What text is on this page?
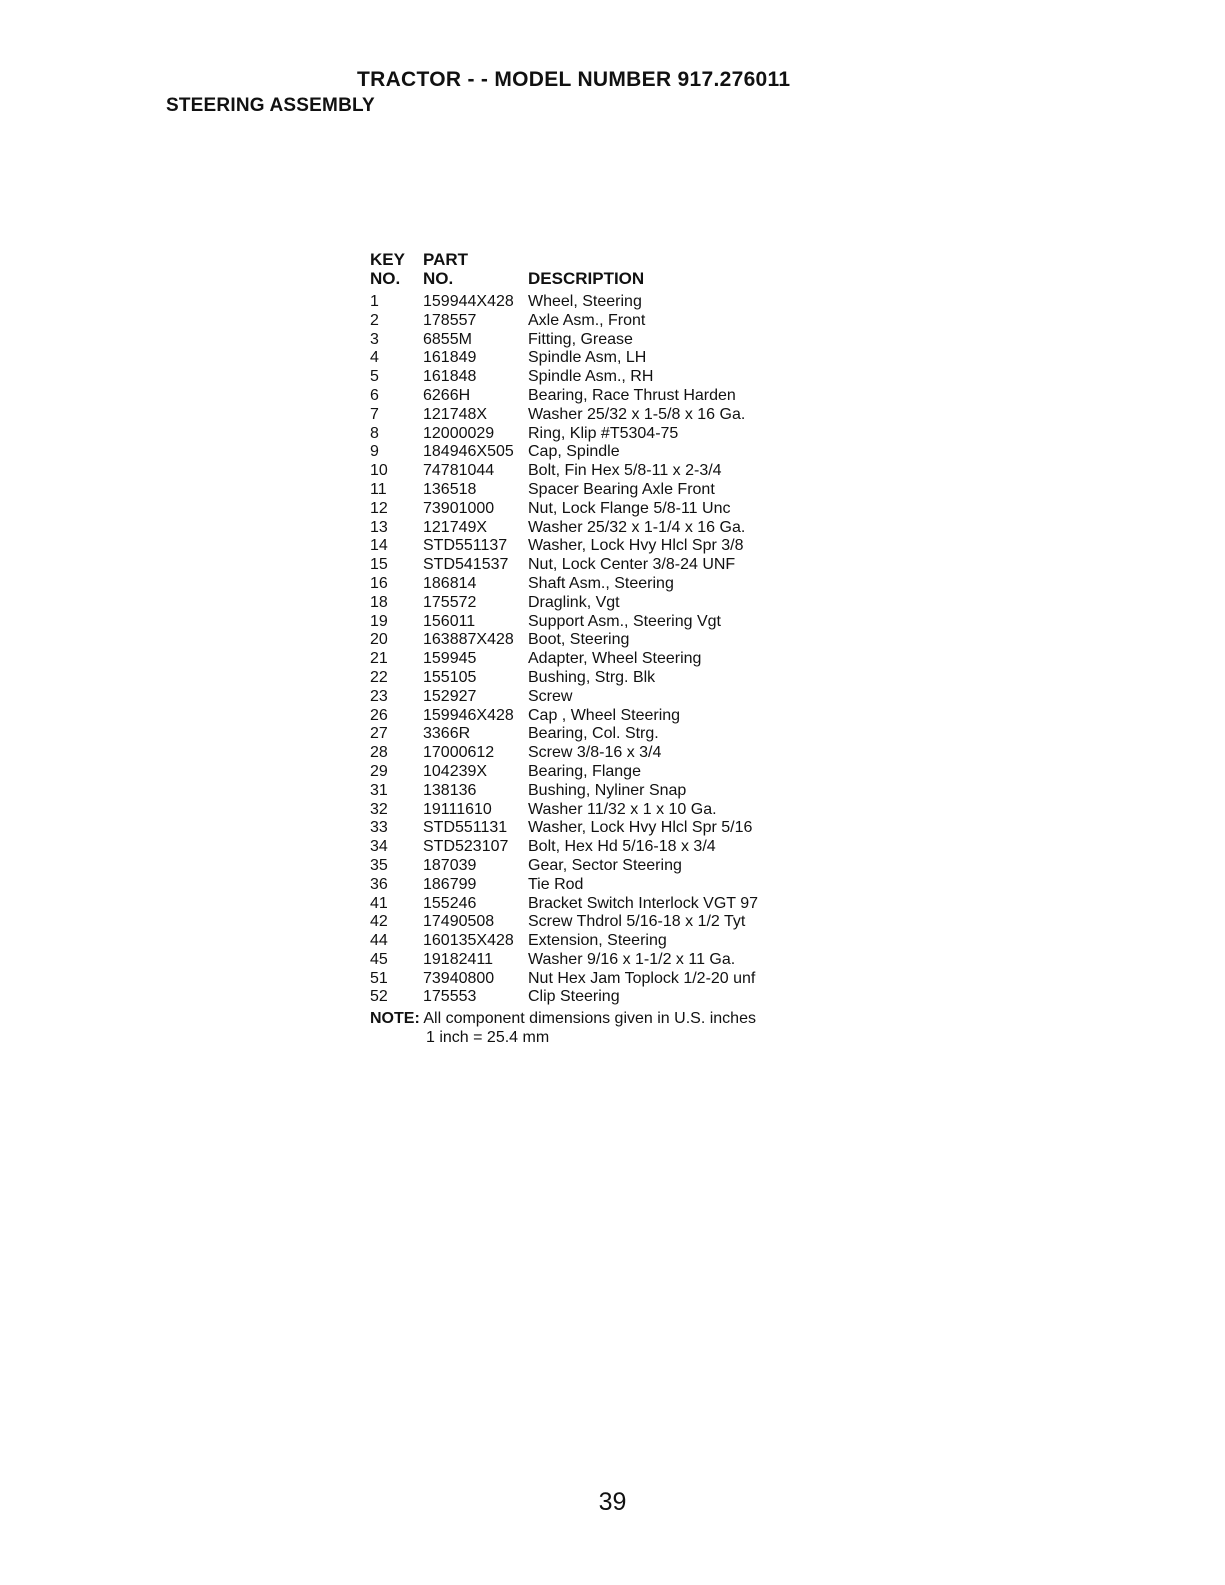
TRACTOR - - MODEL NUMBER 917.276011
STEERING ASSEMBLY
KEY	PART
NO.	NO.	DESCRIPTION
1	159944X428 Wheel, Steering
2	178557	Axle Asm., Front
3	6855M	Fitting, Grease
4	161849	Spindle Asm, LH
5	161848	Spindle Asm., RH
6	6266H	Bearing, Race Thrust Harden
7	121748X	Washer 25/32 x 1-5/8 x 16 Ga.
8	12000029	Ring, Klip #T5304-75
9	184946X505 Cap, Spindle
10	74781044	Bolt, Fin Hex 5/8-11 x 2-3/4
11	136518	Spacer Bearing Axle Front
12	73901000	Nut, Lock Flange 5/8-11 Unc
13	121749X	Washer 25/32 x 1-1/4 x 16 Ga.
14	STD551137	Washer, Lock Hvy Hlcl Spr 3/8
15	STD541537	Nut, Lock Center 3/8-24 UNF
16	186814	Shaft Asm., Steering
18	175572	Draglink, Vgt
19	156011	Support Asm., Steering Vgt
20	163887X428 Boot, Steering
21	159945	Adapter, Wheel Steering
22	155105	Bushing, Strg. Blk
23	152927	Screw
26	159946X428 Cap , Wheel Steering
27	3366R	Bearing, Col. Strg.
28	17000612	Screw 3/8-16 x 3/4
29	104239X	Bearing, Flange
31	138136	Bushing, Nyliner Snap
32	19111610	Washer 11/32 x 1 x 10 Ga.
33	STD551131	Washer, Lock Hvy Hlcl Spr 5/16
34	STD523107	Bolt, Hex Hd 5/16-18 x 3/4
35	187039	Gear, Sector Steering
36	186799	Tie Rod
41	155246	Bracket Switch Interlock VGT 97
42	17490508	Screw Thdrol 5/16-18 x 1/2 Tyt
44	160135X428 Extension, Steering
45	19182411	Washer 9/16 x 1-1/2 x 11 Ga.
51	73940800	Nut Hex Jam Toplock 1/2-20 unf
52	175553	Clip Steering
NOTE: All component dimensions given in U.S. inches
1 inch = 25.4 mm
39
